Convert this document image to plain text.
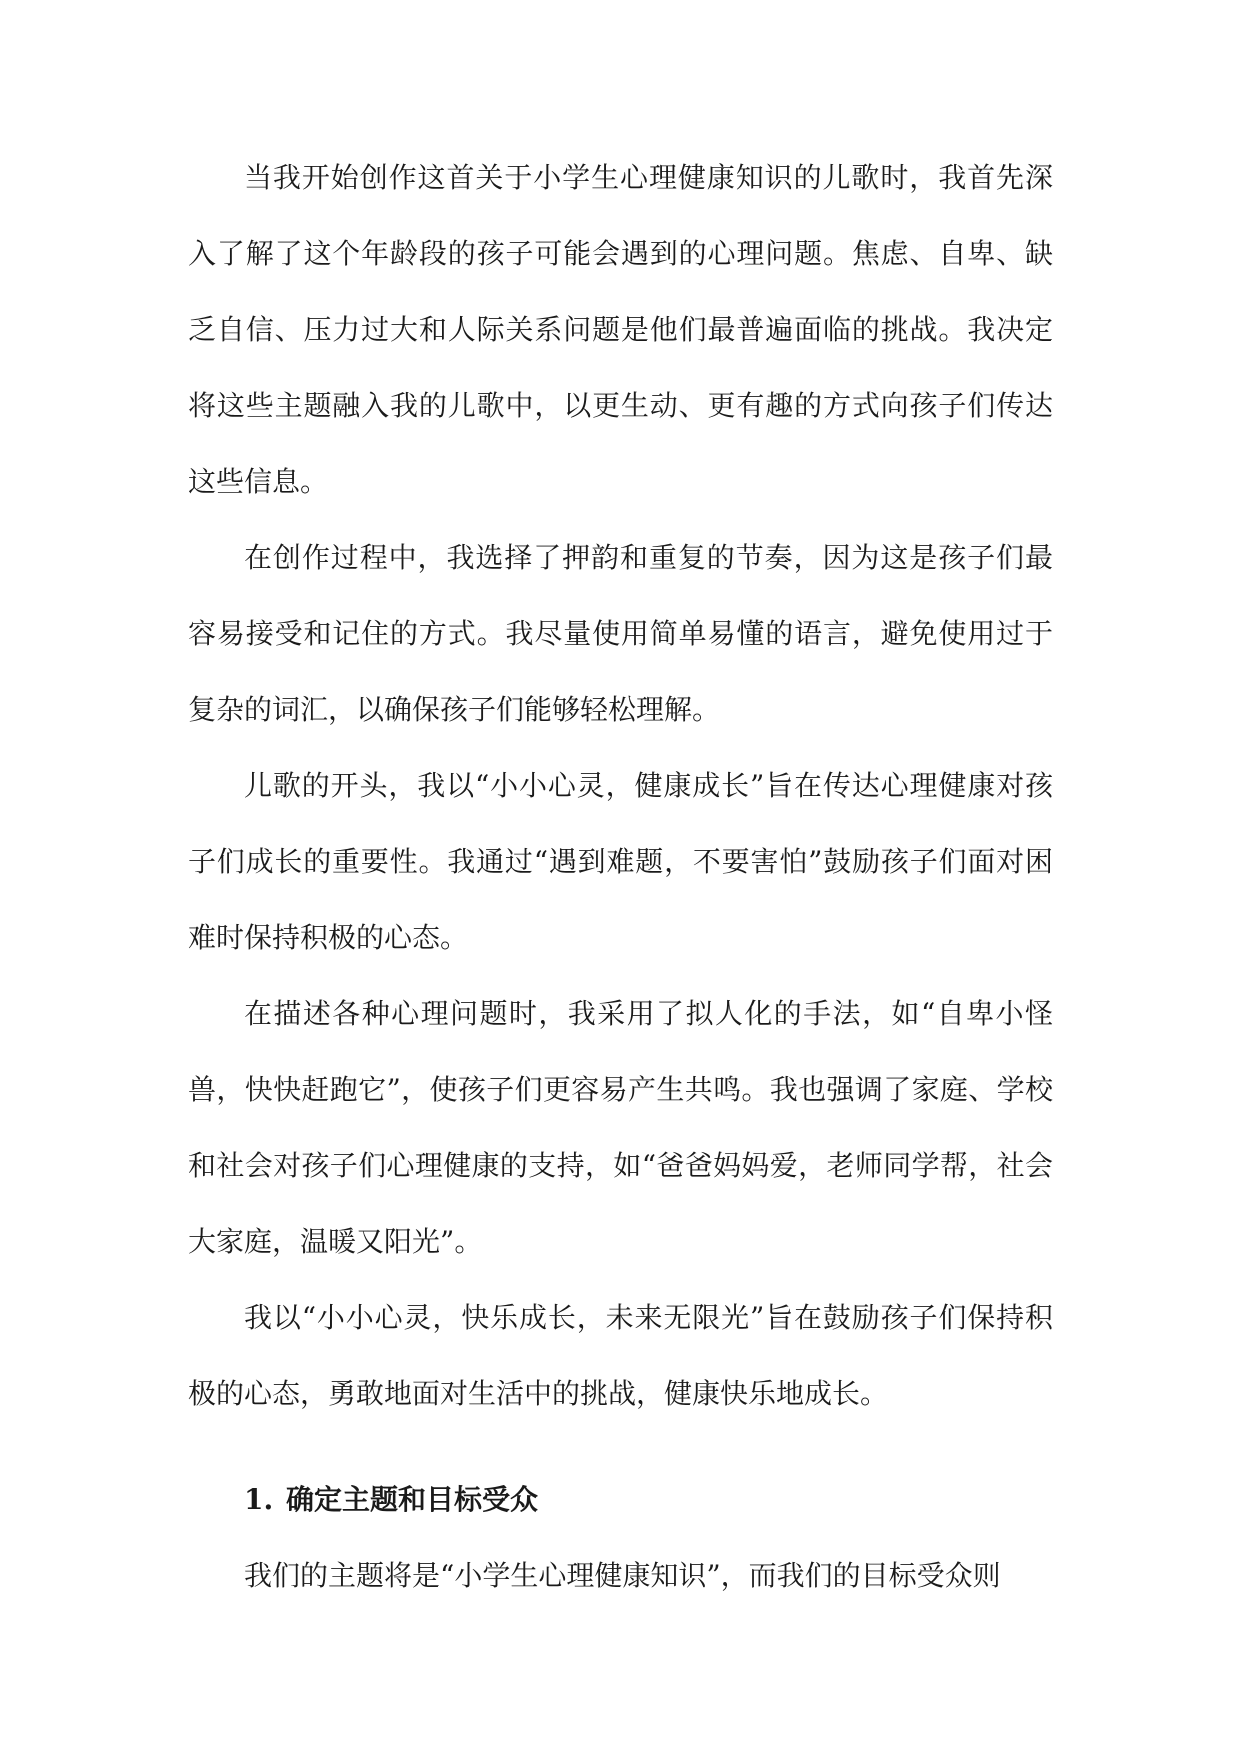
当我开始创作这首关于小学生心理健康知识的儿歌时，我首先深入了解了这个年龄段的孩子可能会遇到的心理问题。焦虑、自卑、缺乏自信、压力过大和人际关系问题是他们最普遍面临的挑战。我决定将这些主题融入我的儿歌中，以更生动、更有趣的方式向孩子们传达这些信息。

在创作过程中，我选择了押韵和重复的节奏，因为这是孩子们最容易接受和记住的方式。我尽量使用简单易懂的语言，避免使用过于复杂的词汇，以确保孩子们能够轻松理解。

儿歌的开头，我以“小小心灵，健康成长”旨在传达心理健康对孩子们成长的重要性。我通过“遇到难题，不要害怕”鼓励孩子们面对困难时保持积极的心态。

在描述各种心理问题时，我采用了拟人化的手法，如“自卑小怪兽，快快赶跑它”，使孩子们更容易产生共鸣。我也强调了家庭、学校和社会对孩子们心理健康的支持，如“爸爸妈妈爱，老师同学帮，社会大家庭，温暖又阳光”。

我以“小小心灵，快乐成长，未来无限光”旨在鼓励孩子们保持积极的心态，勇敢地面对生活中的挑战，健康快乐地成长。

1. 确定主题和目标受众

我们的主题将是“小学生心理健康知识”，而我们的目标受众则
